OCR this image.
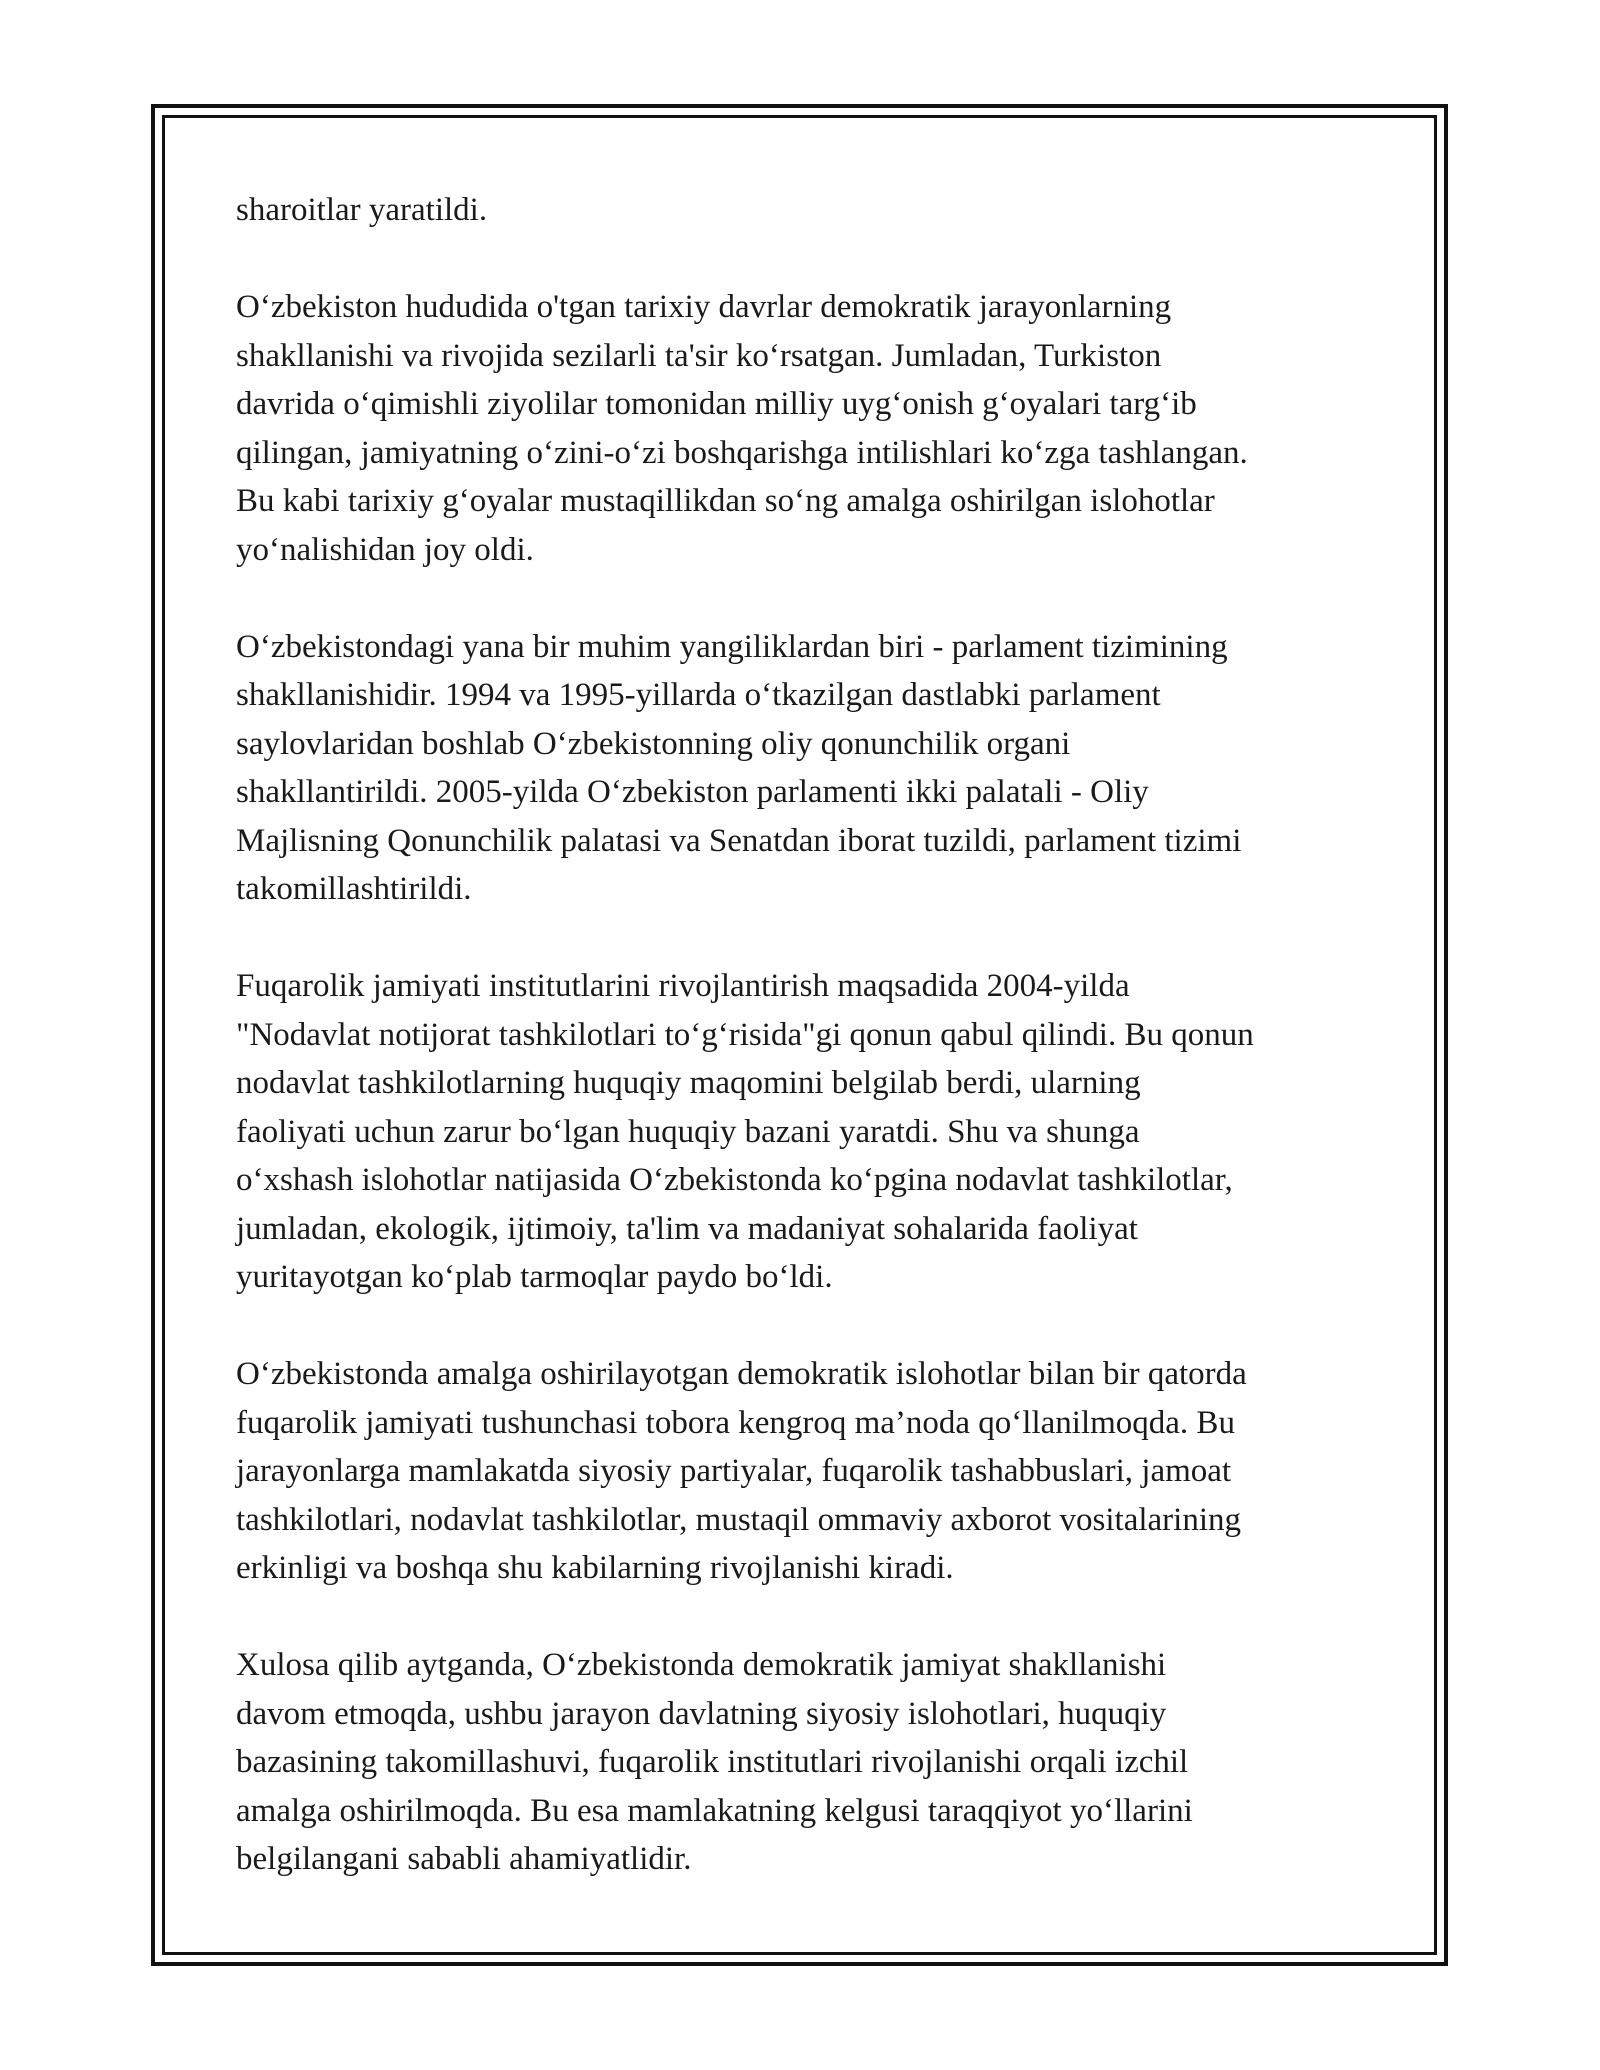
sharoitlar yaratildi.

O‘zbekiston hududida o'tgan tarixiy davrlar demokratik jarayonlarning
shakllanishi va rivojida sezilarli ta'sir ko‘rsatgan. Jumladan, Turkiston
davrida o‘qimishli ziyolilar tomonidan milliy uyg‘onish g‘oyalari targ‘ib
qilingan, jamiyatning o‘zini-o‘zi boshqarishga intilishlari ko‘zga tashlangan.
Bu kabi tarixiy g‘oyalar mustaqillikdan so‘ng amalga oshirilgan islohotlar
yo‘nalishidan joy oldi.

O‘zbekistondagi yana bir muhim yangiliklardan biri - parlament tizimining
shakllanishidir. 1994 va 1995-yillarda o‘tkazilgan dastlabki parlament
saylovlaridan boshlab O‘zbekistonning oliy qonunchilik organi
shakllantirildi. 2005-yilda O‘zbekiston parlamenti ikki palatali - Oliy
Majlisning Qonunchilik palatasi va Senatdan iborat tuzildi, parlament tizimi
takomillashtirildi.

Fuqarolik jamiyati institutlarini rivojlantirish maqsadida 2004-yilda
"Nodavlat notijorat tashkilotlari to‘g‘risida"gi qonun qabul qilindi. Bu qonun
nodavlat tashkilotlarning huquqiy maqomini belgilab berdi, ularning
faoliyati uchun zarur bo‘lgan huquqiy bazani yaratdi. Shu va shunga
o‘xshash islohotlar natijasida O‘zbekistonda ko‘pgina nodavlat tashkilotlar,
jumladan, ekologik, ijtimoiy, ta'lim va madaniyat sohalarida faoliyat
yuritayotgan ko‘plab tarmoqlar paydo bo‘ldi.

O‘zbekistonda amalga oshirilayotgan demokratik islohotlar bilan bir qatorda
fuqarolik jamiyati tushunchasi tobora kengroq ma’noda qo‘llanilmoqda. Bu
jarayonlarga mamlakatda siyosiy partiyalar, fuqarolik tashabbuslari, jamoat
tashkilotlari, nodavlat tashkilotlar, mustaqil ommaviy axborot vositalarining
erkinligi va boshqa shu kabilarning rivojlanishi kiradi.

Xulosa qilib aytganda, O‘zbekistonda demokratik jamiyat shakllanishi
davom etmoqda, ushbu jarayon davlatning siyosiy islohotlari, huquqiy
bazasining takomillashuvi, fuqarolik institutlari rivojlanishi orqali izchil
amalga oshirilmoqda. Bu esa mamlakatning kelgusi taraqqiyot yo‘llarini
belgilangani sababli ahamiyatlidir.
